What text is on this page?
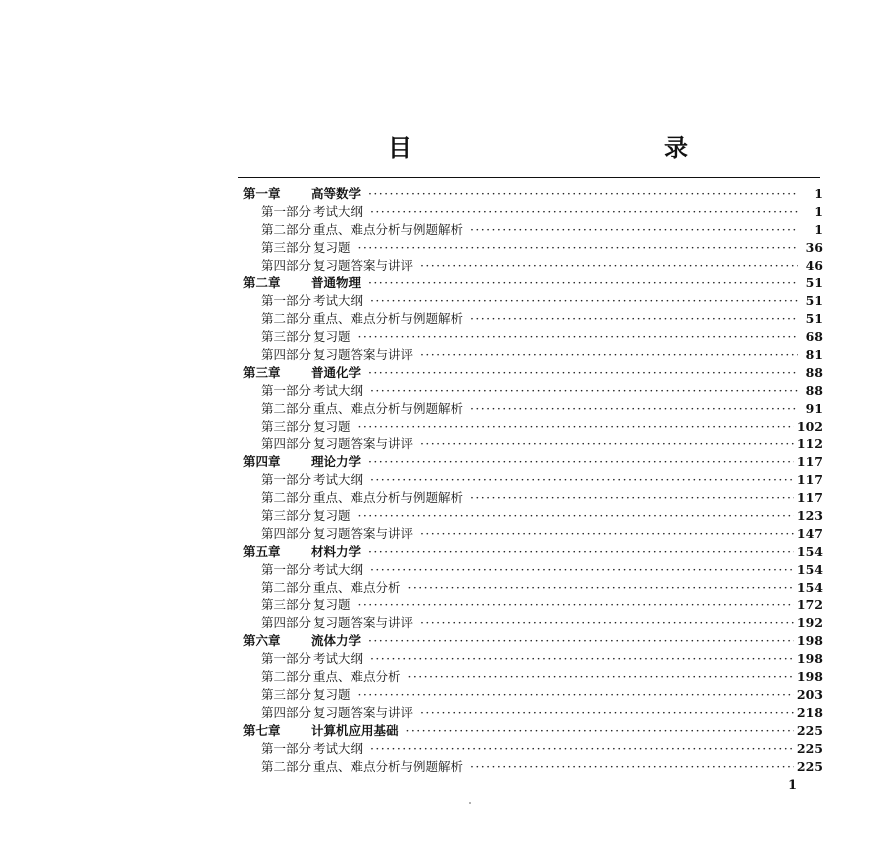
目　　录
第一章	高等数学 ·····	1
第一部分 考试大纲 ·····	1
第二部分 重点、难点分析与例题解析 ·····	1
第三部分 复习题 ·····	36
第四部分 复习题答案与讲评 ·····	46
第二章	普通物理 ·····	51
第一部分 考试大纲 ·····	51
第二部分 重点、难点分析与例题解析 ·····	51
第三部分 复习题 ·····	68
第四部分 复习题答案与讲评 ·····	81
第三章	普通化学 ·····	88
第一部分 考试大纲 ·····	88
第二部分 重点、难点分析与例题解析 ·····	91
第三部分 复习题 ·····	102
第四部分 复习题答案与讲评 ·····	112
第四章	理论力学 ·····	117
第一部分 考试大纲 ·····	117
第二部分 重点、难点分析与例题解析 ·····	117
第三部分 复习题 ·····	123
第四部分 复习题答案与讲评 ·····	147
第五章	材料力学 ·····	154
第一部分 考试大纲 ·····	154
第二部分 重点、难点分析 ·····	154
第三部分 复习题 ·····	172
第四部分 复习题答案与讲评 ·····	192
第六章	流体力学 ·····	198
第一部分 考试大纲 ·····	198
第二部分 重点、难点分析 ·····	198
第三部分 复习题 ·····	203
第四部分 复习题答案与讲评 ·····	218
第七章	计算机应用基础 ·····	225
第一部分 考试大纲 ·····	225
第二部分 重点、难点分析与例题解析 ·····	225
1
